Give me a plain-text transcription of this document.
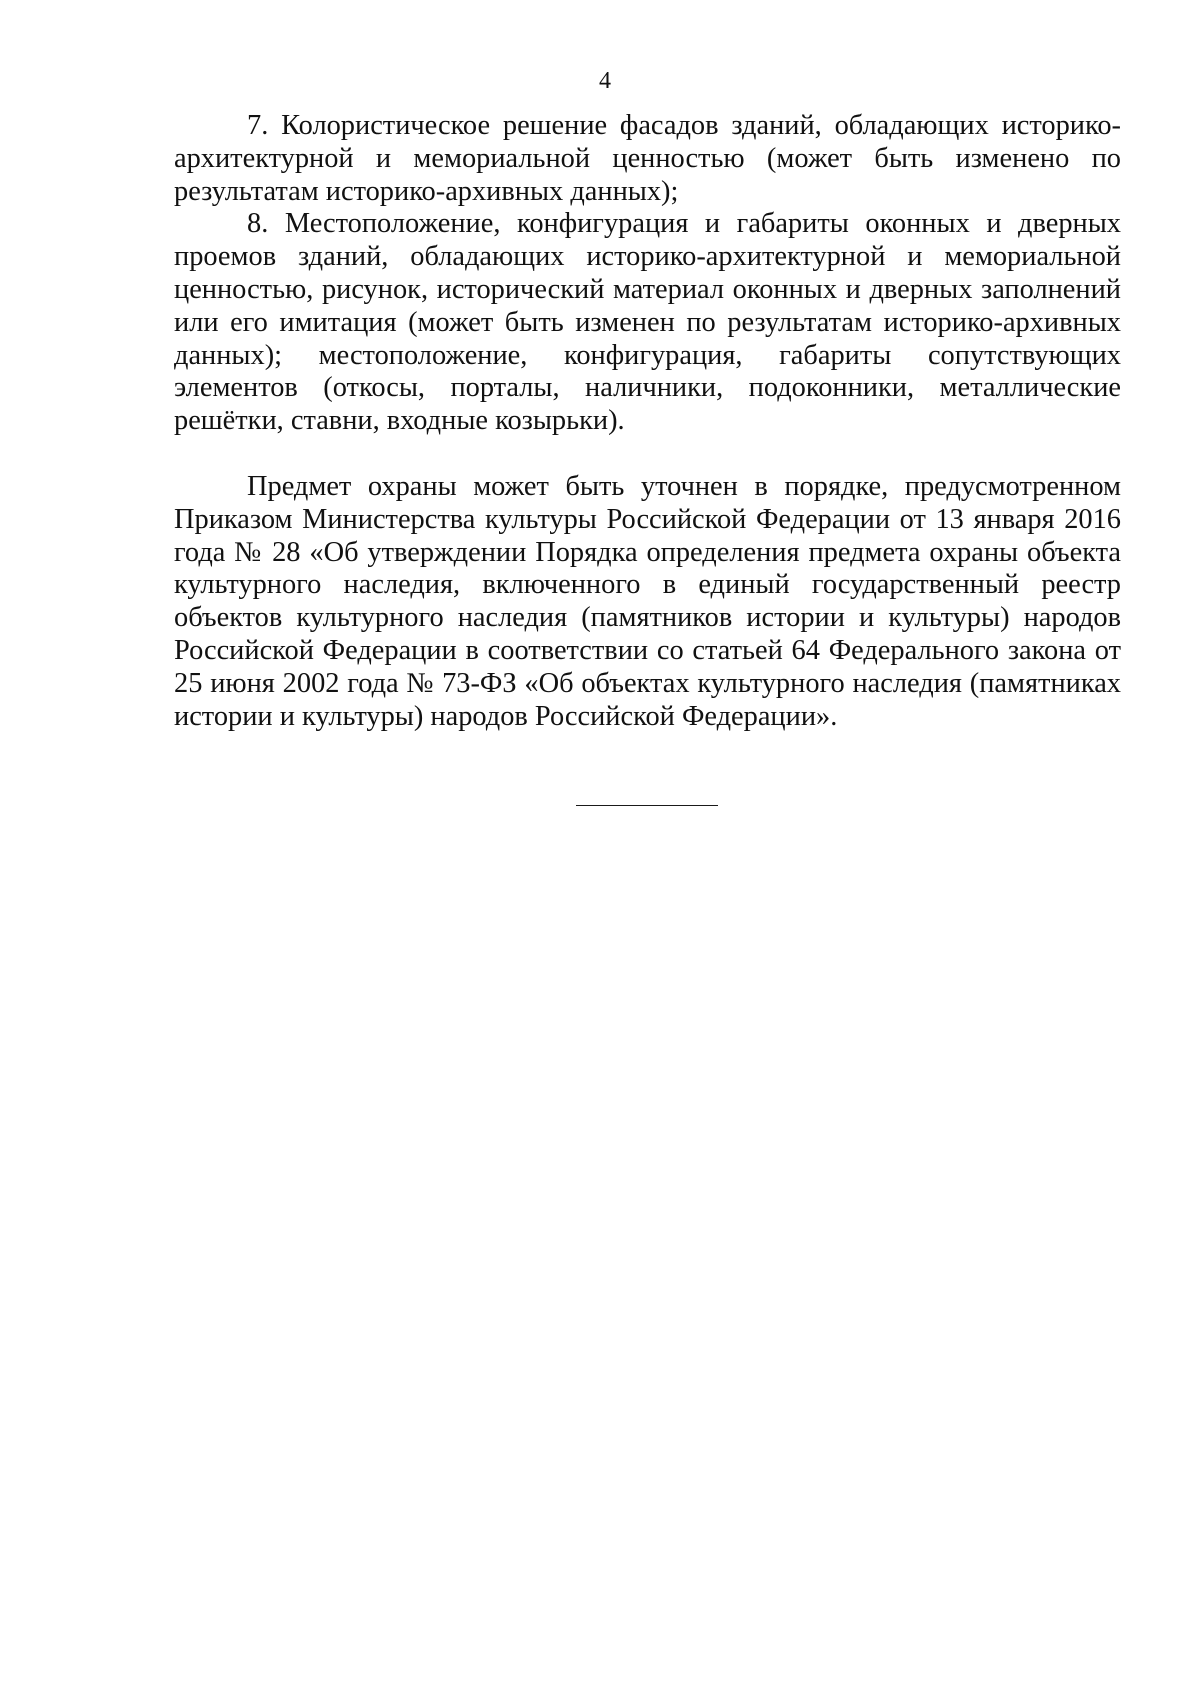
4

7. Колористическое решение фасадов зданий, обладающих историко-архитектурной и мемориальной ценностью (может быть изменено по результатам историко-архивных данных);

8. Местоположение, конфигурация и габариты оконных и дверных проемов зданий, обладающих историко-архитектурной и мемориальной ценностью, рисунок, исторический материал оконных и дверных заполнений или его имитация (может быть изменен по результатам историко-архивных данных); местоположение, конфигурация, габариты сопутствующих элементов (откосы, порталы, наличники, подоконники, металлические решётки, ставни, входные козырьки).

Предмет охраны может быть уточнен в порядке, предусмотренном Приказом Министерства культуры Российской Федерации от 13 января 2016 года № 28 «Об утверждении Порядка определения предмета охраны объекта культурного наследия, включенного в единый государственный реестр объектов культурного наследия (памятников истории и культуры) народов Российской Федерации в соответствии со статьей 64 Федерального закона от 25 июня 2002 года № 73-ФЗ «Об объектах культурного наследия (памятниках истории и культуры) народов Российской Федерации».
